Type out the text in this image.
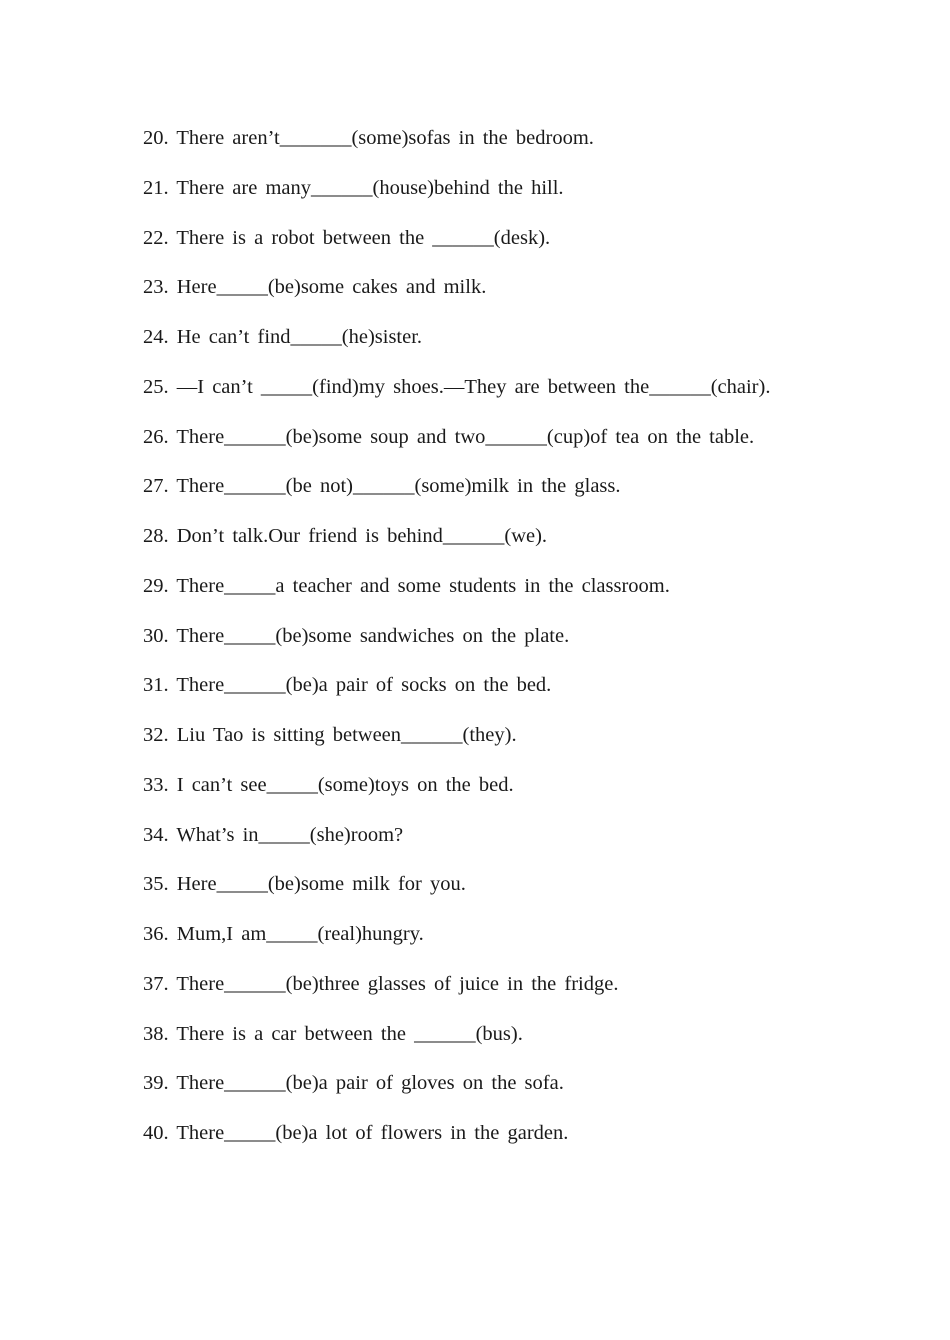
20. There aren’t_______(some)sofas in the bedroom.
21. There are many______(house)behind the hill.
22. There is a robot between the ______(desk).
23. Here_____(be)some cakes and milk.
24. He can’t find_____(he)sister.
25. —I can’t _____(find)my shoes.—They are between the______(chair).
26. There______(be)some soup and two______(cup)of tea on the table.
27. There______(be not)______(some)milk in the glass.
28. Don’t talk.Our friend is behind______(we).
29. There_____a teacher and some students in the classroom.
30. There_____(be)some sandwiches on the plate.
31. There______(be)a pair of socks on the bed.
32. Liu Tao is sitting between______(they).
33. I can’t see_____(some)toys on the bed.
34. What’s in_____(she)room?
35. Here_____(be)some milk for you.
36. Mum,I am_____(real)hungry.
37. There______(be)three glasses of juice in the fridge.
38. There is a car between the ______(bus).
39. There______(be)a pair of gloves on the sofa.
40. There_____(be)a lot of flowers in the garden.
